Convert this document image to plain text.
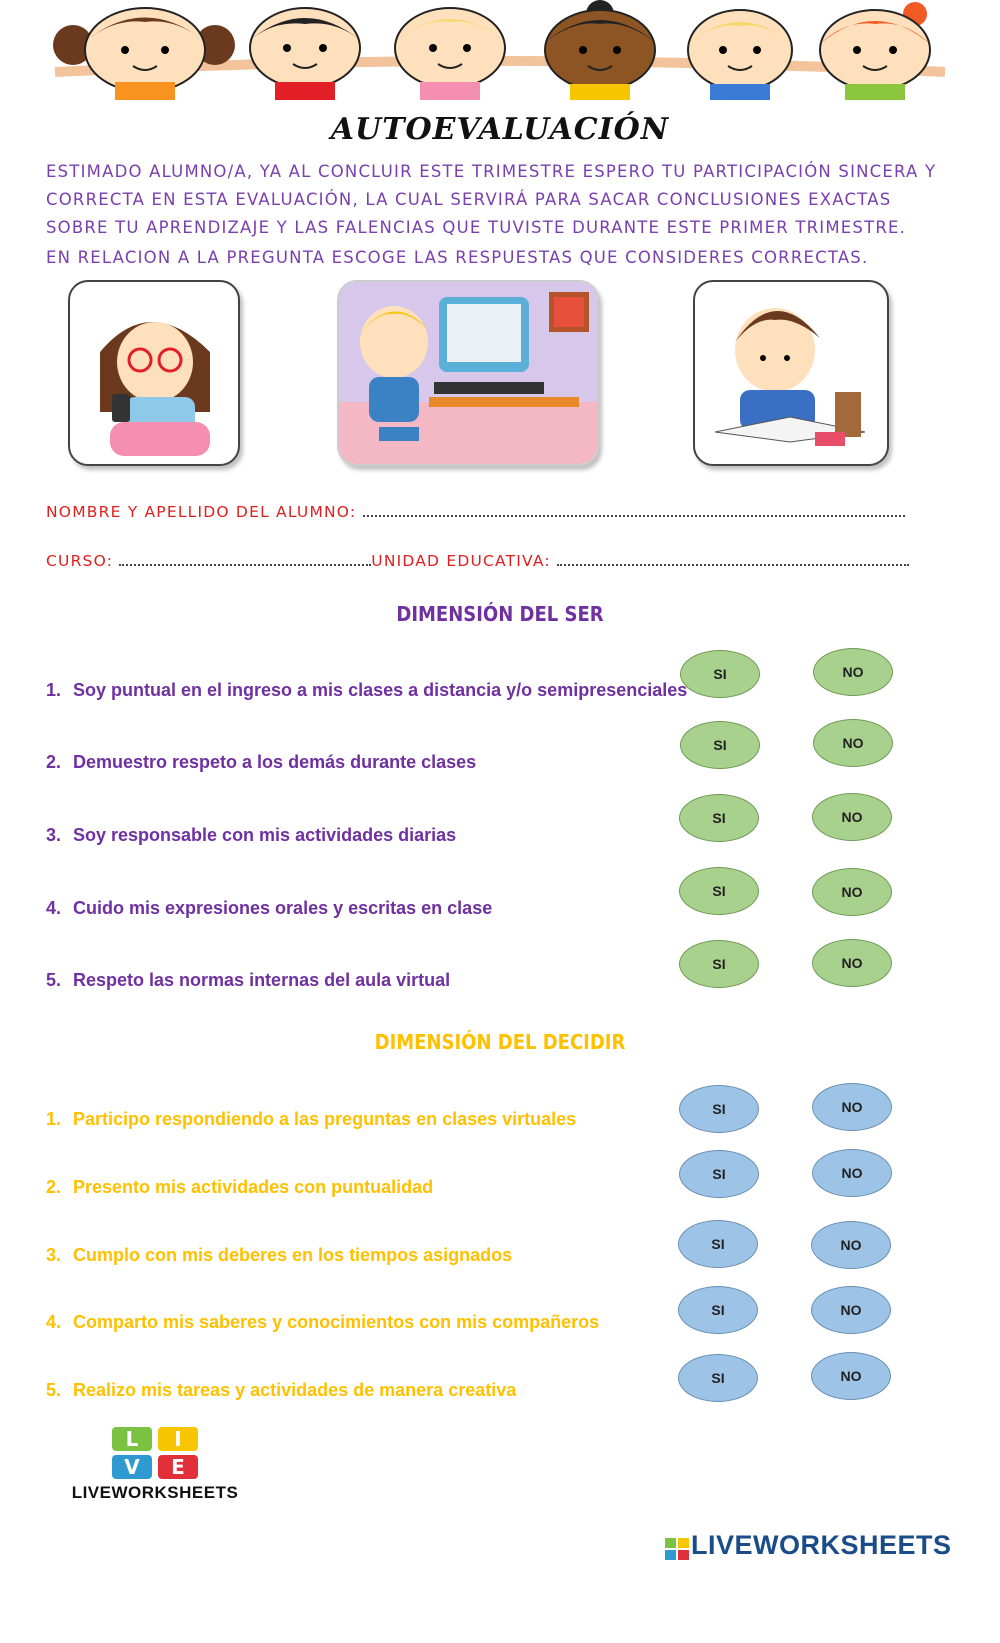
AUTOEVALUACIÓN
ESTIMADO ALUMNO/A, YA AL CONCLUIR ESTE TRIMESTRE ESPERO TU PARTICIPACIÓN SINCERA Y
CORRECTA EN ESTA EVALUACIÓN, LA CUAL SERVIRÁ PARA SACAR CONCLUSIONES EXACTAS
SOBRE TU APRENDIZAJE Y LAS FALENCIAS QUE TUVISTE DURANTE ESTE PRIMER TRIMESTRE.
EN RELACION A LA PREGUNTA ESCOGE LAS RESPUESTAS QUE CONSIDERES CORRECTAS.
NOMBRE Y APELLIDO DEL ALUMNO:
CURSO:	UNIDAD EDUCATIVA:
DIMENSIÓN DEL SER
1. Soy puntual en el ingreso a mis clases a distancia y/o semipresenciales
SI	NO
2. Demuestro respeto a los demás durante clases
SI	NO
3. Soy responsable con mis actividades diarias
SI	NO
4. Cuido mis expresiones orales y escritas en clase
SI	NO
5. Respeto las normas internas del aula virtual
SI	NO
DIMENSIÓN DEL DECIDIR
1. Participo respondiendo a las preguntas en clases virtuales	SI	NO
2. Presento mis actividades con puntualidad
SI	NO
3. Cumplo con mis deberes en los tiempos asignados
SI	NO
4. Comparto mis saberes y conocimientos con mis compañeros
SI	NO
5. Realizo mis tareas y actividades de manera creativa
SI	NO
L	I
V	E
LIVEWORKSHEETS
LIVEWORKSHEETS
